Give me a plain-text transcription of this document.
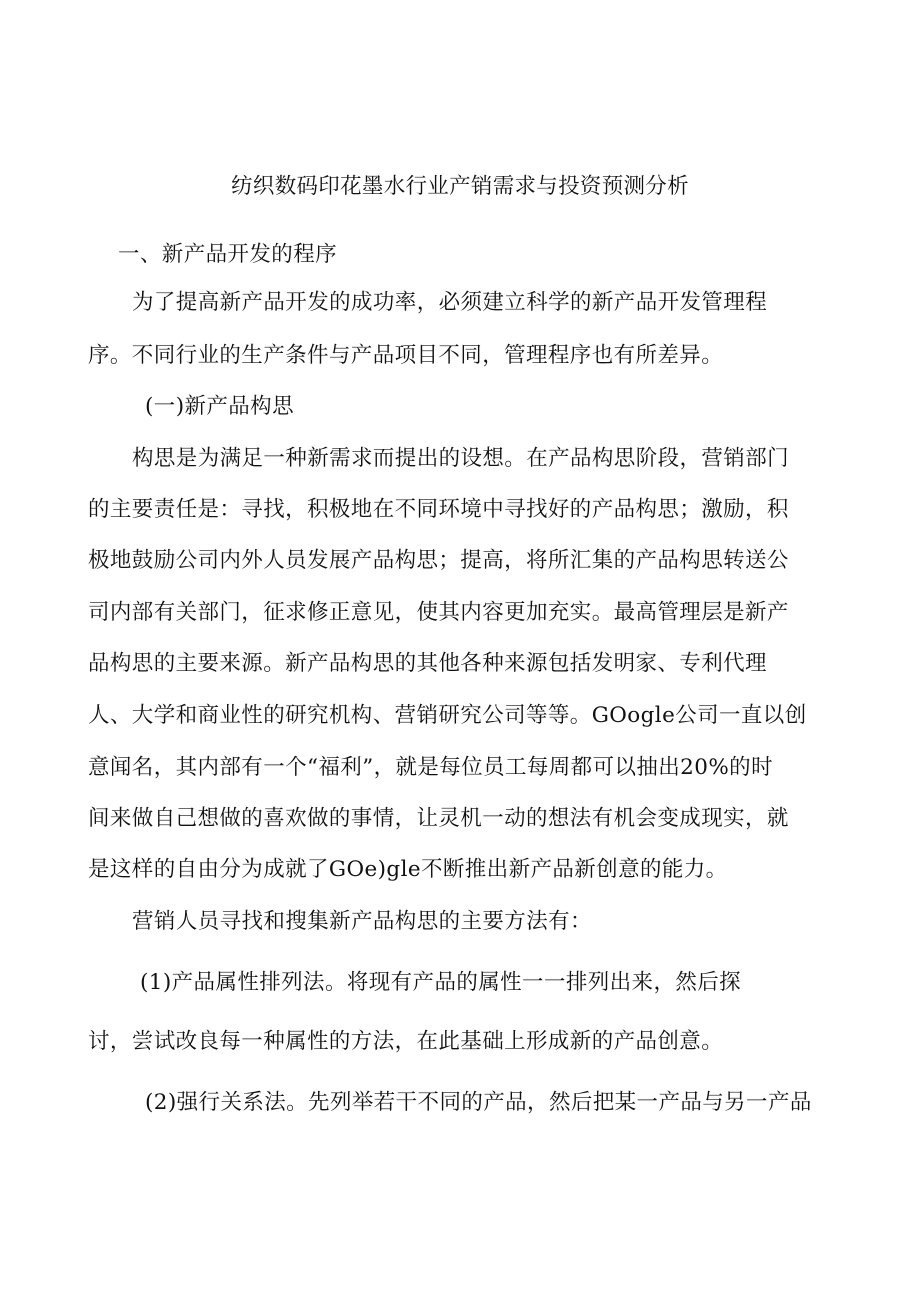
纺织数码印花墨水行业产销需求与投资预测分析
一、新产品开发的程序
为了提高新产品开发的成功率，必须建立科学的新产品开发管理程
序。不同行业的生产条件与产品项目不同，管理程序也有所差异。
(一)新产品构思
构思是为满足一种新需求而提出的设想。在产品构思阶段，营销部门
的主要责任是：寻找，积极地在不同环境中寻找好的产品构思；激励，积
极地鼓励公司内外人员发展产品构思；提高，将所汇集的产品构思转送公
司内部有关部门，征求修正意见，使其内容更加充实。最高管理层是新产
品构思的主要来源。新产品构思的其他各种来源包括发明家、专利代理
人、大学和商业性的研究机构、营销研究公司等等。GOogle公司一直以创
意闻名，其内部有一个“福利”，就是每位员工每周都可以抽出20%的时
间来做自己想做的喜欢做的事情，让灵机一动的想法有机会变成现实，就
是这样的自由分为成就了GOe)gle不断推出新产品新创意的能力。
营销人员寻找和搜集新产品构思的主要方法有：
(1)产品属性排列法。将现有产品的属性一一排列出来，然后探
讨，尝试改良每一种属性的方法，在此基础上形成新的产品创意。
(2)强行关系法。先列举若干不同的产品，然后把某一产品与另一产品
